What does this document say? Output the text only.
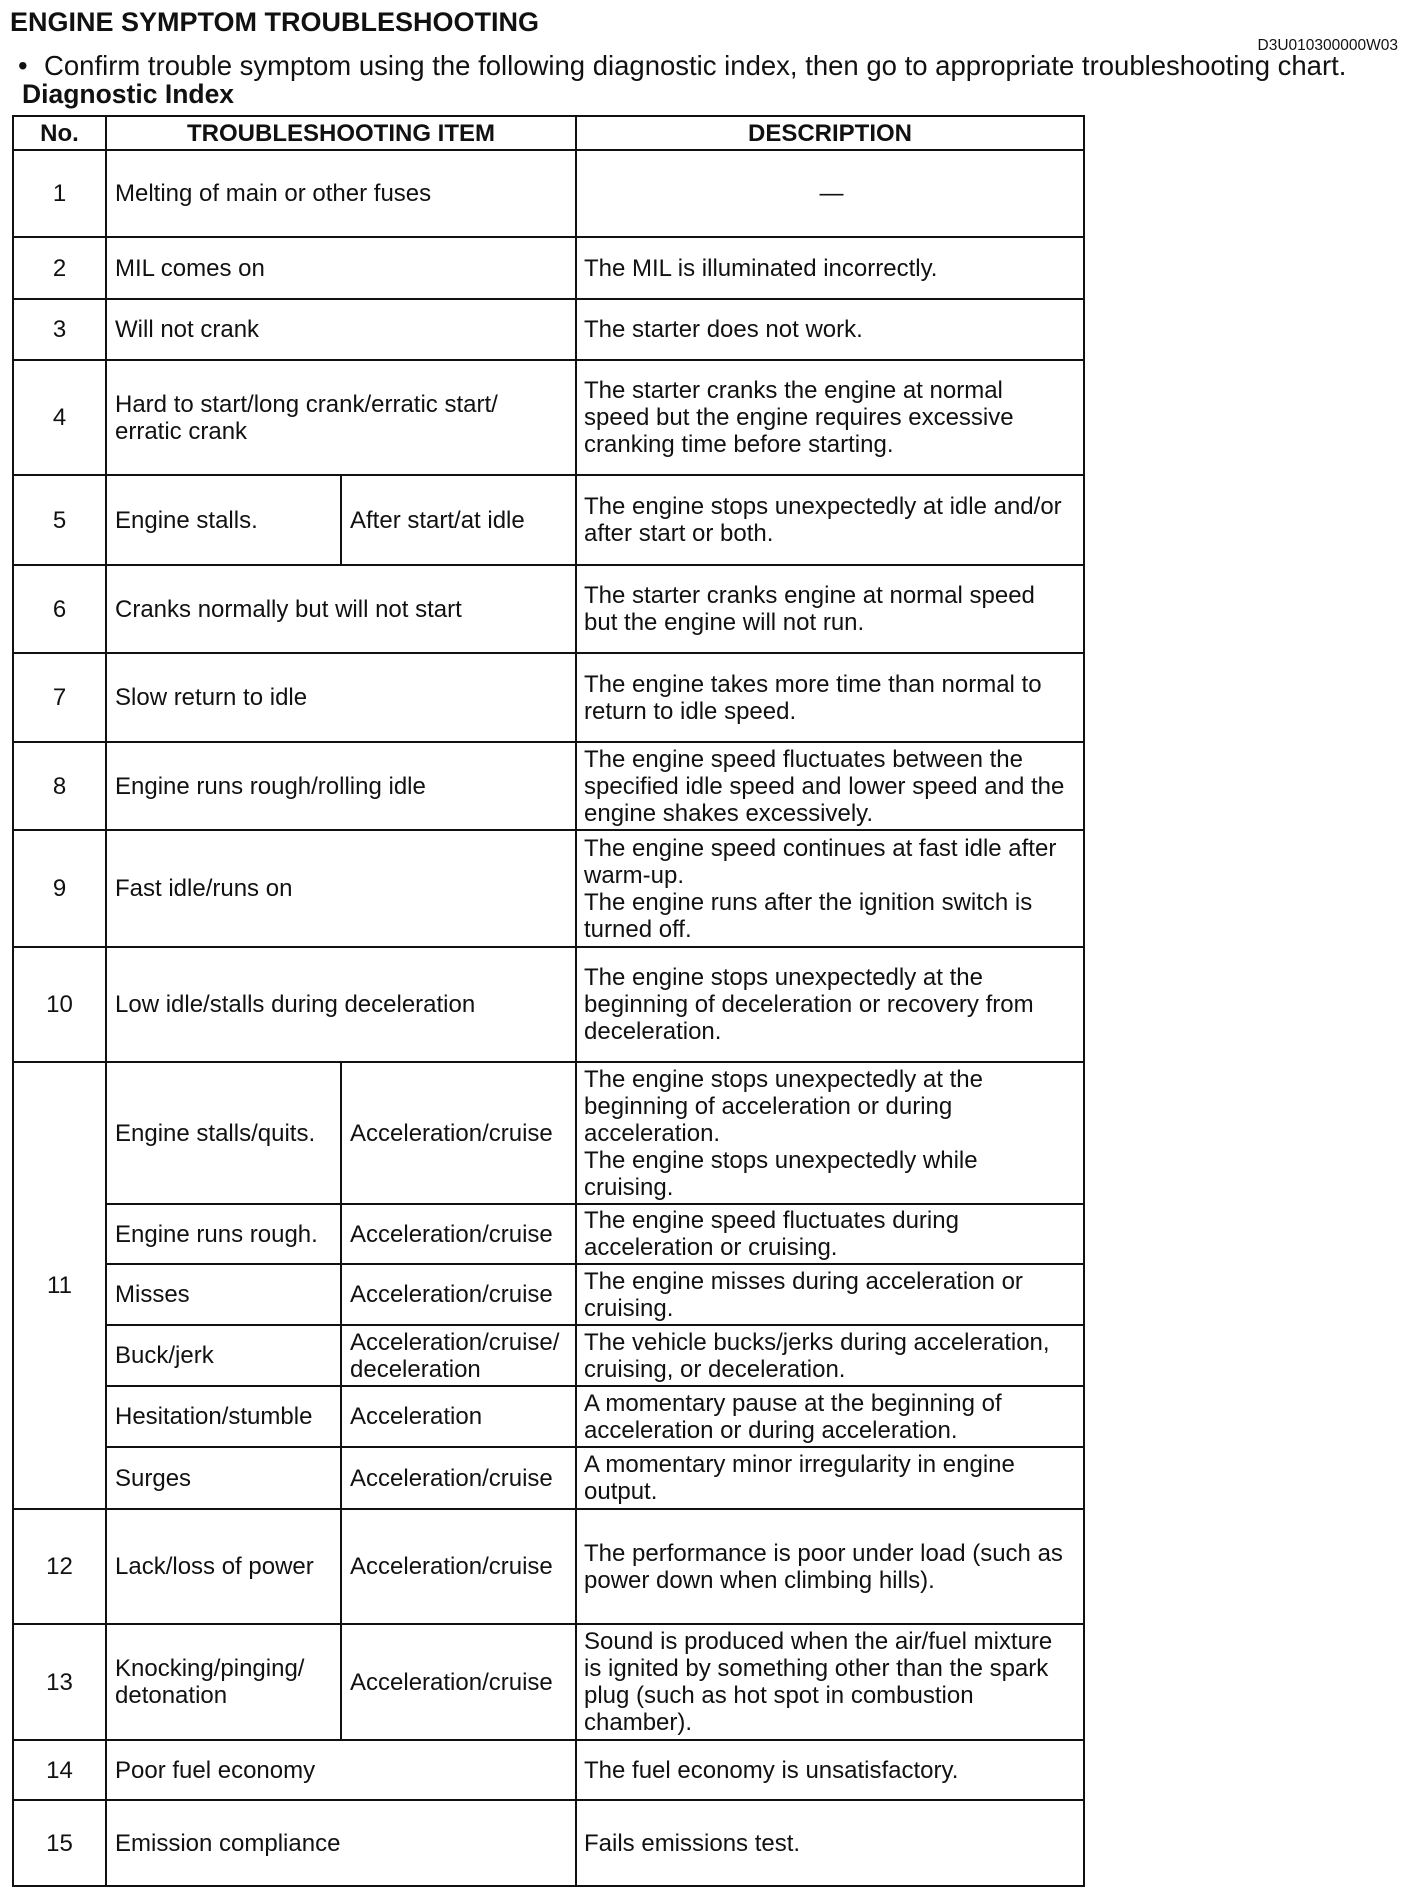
ENGINE SYMPTOM TROUBLESHOOTING
D3U010300000W03
• Confirm trouble symptom using the following diagnostic index, then go to appropriate troubleshooting chart.
Diagnostic Index
No.	TROUBLESHOOTING ITEM		DESCRIPTION
1	Melting of main or other fuses		—
2	MIL comes on		The MIL is illuminated incorrectly.
3	Will not crank		The starter does not work.
4	Hard to start/long crank/erratic start/
erratic crank		The starter cranks the engine at normal
speed but the engine requires excessive
cranking time before starting.
5	Engine stalls.	After start/at idle	The engine stops unexpectedly at idle and/or
after start or both.
6	Cranks normally but will not start		The starter cranks engine at normal speed
but the engine will not run.
7	Slow return to idle		The engine takes more time than normal to
return to idle speed.
8	Engine runs rough/rolling idle		The engine speed fluctuates between the
specified idle speed and lower speed and the
engine shakes excessively.
9	Fast idle/runs on		The engine speed continues at fast idle after
warm-up.
The engine runs after the ignition switch is
turned off.
10	Low idle/stalls during deceleration		The engine stops unexpectedly at the
beginning of deceleration or recovery from
deceleration.
11	Engine stalls/quits.	Acceleration/cruise	The engine stops unexpectedly at the
beginning of acceleration or during
acceleration.
The engine stops unexpectedly while
cruising.
	Engine runs rough.	Acceleration/cruise	The engine speed fluctuates during
acceleration or cruising.
	Misses	Acceleration/cruise	The engine misses during acceleration or
cruising.
	Buck/jerk	Acceleration/cruise/
deceleration	The vehicle bucks/jerks during acceleration,
cruising, or deceleration.
	Hesitation/stumble	Acceleration	A momentary pause at the beginning of
acceleration or during acceleration.
	Surges	Acceleration/cruise	A momentary minor irregularity in engine
output.
12	Lack/loss of power	Acceleration/cruise	The performance is poor under load (such as
power down when climbing hills).
13	Knocking/pinging/
detonation	Acceleration/cruise	Sound is produced when the air/fuel mixture
is ignited by something other than the spark
plug (such as hot spot in combustion
chamber).
14	Poor fuel economy		The fuel economy is unsatisfactory.
15	Emission compliance		Fails emissions test.
